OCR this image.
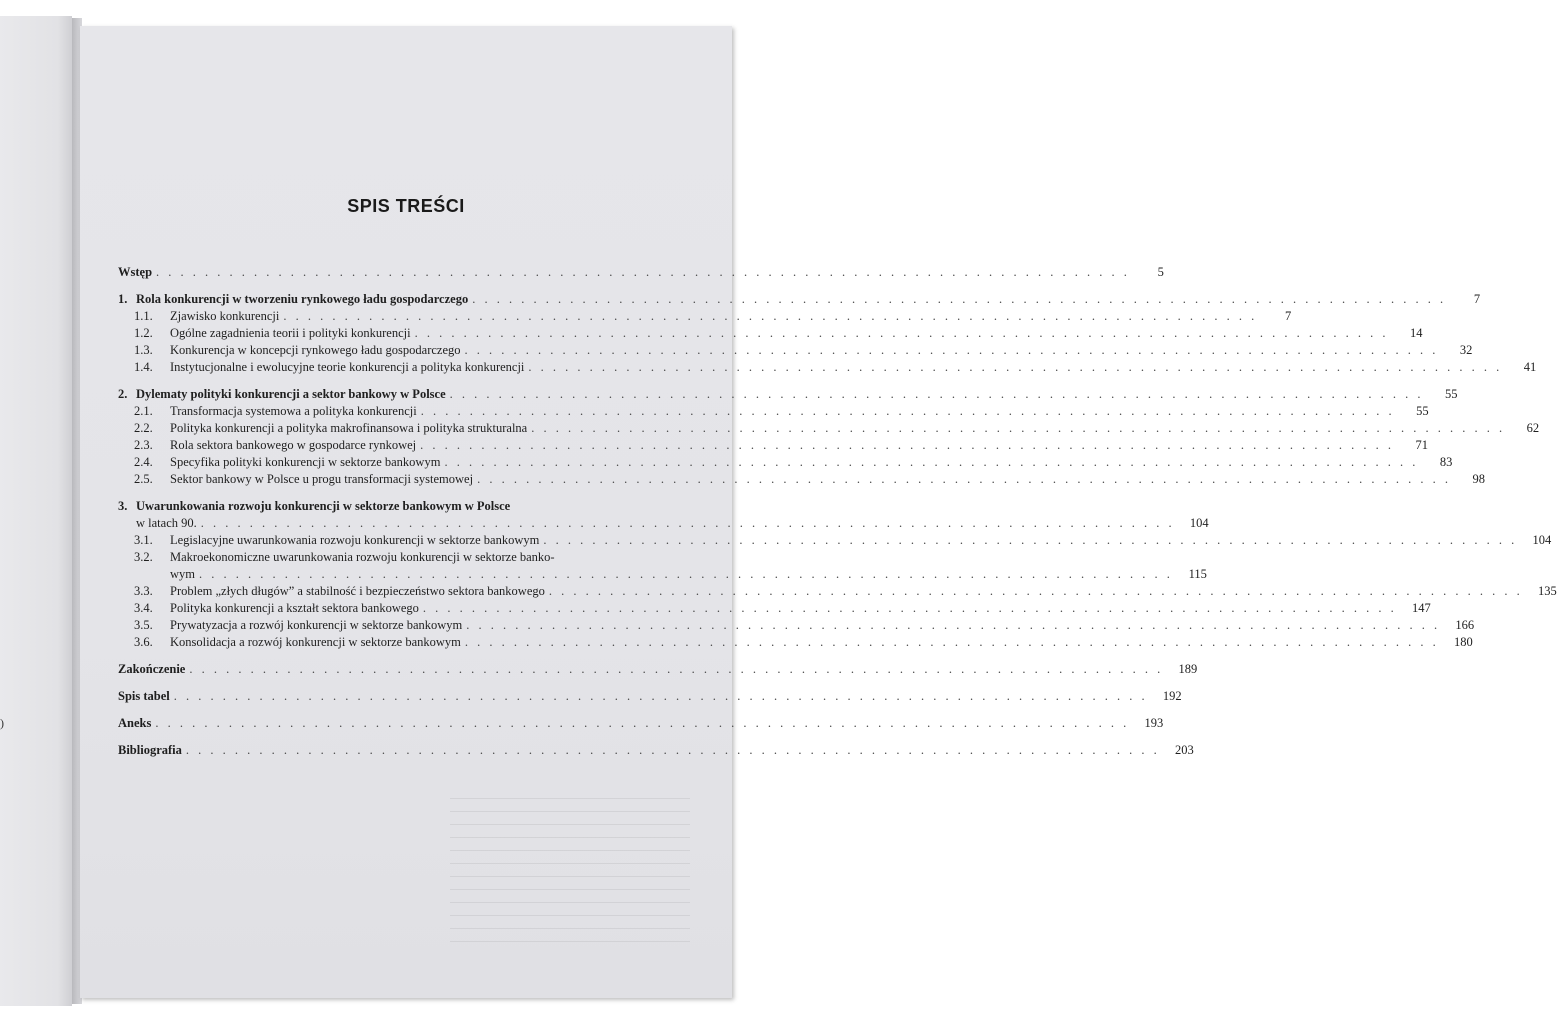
)
SPIS TREŚCI
Wstęp . . .	5
1. Rola konkurencji w tworzeniu rynkowego ładu gospodarczego . . .	7
1.1.	Zjawisko konkurencji . . .	7
1.2.	Ogólne zagadnienia teorii i polityki konkurencji . . .	14
1.3.	Konkurencja w koncepcji rynkowego ładu gospodarczego . . .	32
1.4.	Instytucjonalne i ewolucyjne teorie konkurencji a polityka konkurencji . . .	41
2. Dylematy polityki konkurencji a sektor bankowy w Polsce . . .	55
2.1.	Transformacja systemowa a polityka konkurencji . . .	55
2.2.	Polityka konkurencji a polityka makrofinansowa i polityka strukturalna . . .	62
2.3.	Rola sektora bankowego w gospodarce rynkowej . . .	71
2.4.	Specyfika polityki konkurencji w sektorze bankowym . . .	83
2.5.	Sektor bankowy w Polsce u progu transformacji systemowej . . .	98
3. Uwarunkowania rozwoju konkurencji w sektorze bankowym w Polsce
w latach 90. . . .	104
3.1.	Legislacyjne uwarunkowania rozwoju konkurencji w sektorze bankowym . . .	104
3.2.	Makroekonomiczne uwarunkowania rozwoju konkurencji w sektorze banko-
wym . . .	115
3.3.	Problem „złych długów” a stabilność i bezpieczeństwo sektora bankowego . . .	135
3.4.	Polityka konkurencji a kształt sektora bankowego . . .	147
3.5.	Prywatyzacja a rozwój konkurencji w sektorze bankowym . . .	166
3.6.	Konsolidacja a rozwój konkurencji w sektorze bankowym . . .	180
Zakończenie . . .	189
Spis tabel . . .	192
Aneks . . .	193
Bibliografia . . .	203
